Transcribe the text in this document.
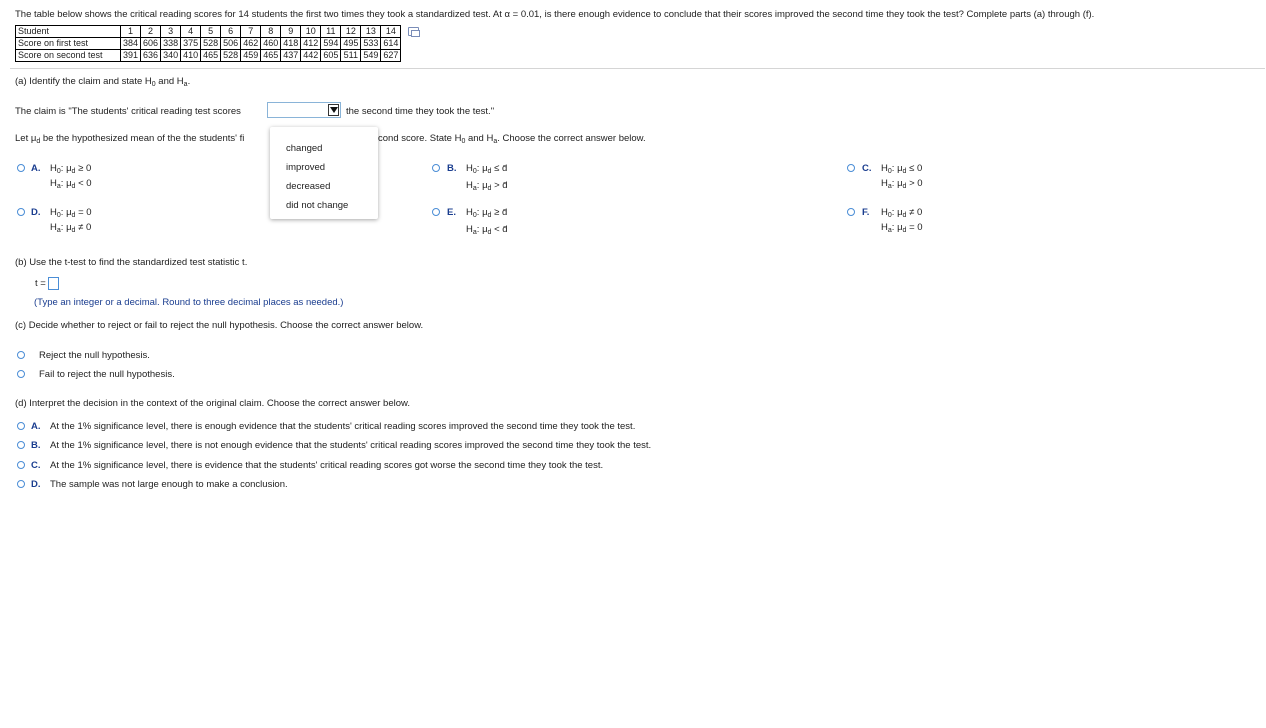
The table below shows the critical reading scores for 14 students the first two times they took a standardized test. At α = 0.01, is there enough evidence to conclude that their scores improved the second time they took the test? Complete parts (a) through (f).
Student	1	2	3	4	5	6	7	8	9	10	11	12	13	14
Score on first test	384	606	338	375	528	506	462	460	418	412	594	495	533	614
Score on second test	391	636	340	410	465	528	459	465	437	442	605	511	549	627
(a) Identify the claim and state $H_0$ and $H_a$.
The claim is "The students' critical reading test scores	the second time they took the test."
Let $\mu_d$ be the hypothesized mean of the the students' fi	cond score. State $H_0$ and $H_a$. Choose the correct answer below.
A. $H_0$: $\mu_d \ge 0$
$H_a$: $\mu_d < 0$
B. $H_0$: $\mu_d$ ≤ d̄
$H_a$: $\mu_d$ > d̄
C. $H_0$: $\mu_d \le 0$
$H_a$: $\mu_d > 0$
D. $H_0$: $\mu_d = 0$
$H_a$: $\mu_d \ne 0$
E. $H_0$: $\mu_d$ ≥ d̄
$H_a$: $\mu_d$ < d̄
F. $H_0$: $\mu_d \ne 0$
$H_a$: $\mu_d = 0$
changed
improved
decreased
did not change
(b) Use the t-test to find the standardized test statistic t.
t =
(Type an integer or a decimal. Round to three decimal places as needed.)
(c) Decide whether to reject or fail to reject the null hypothesis. Choose the correct answer below.
Reject the null hypothesis.
Fail to reject the null hypothesis.
(d) Interpret the decision in the context of the original claim. Choose the correct answer below.
A. At the 1% significance level, there is enough evidence that the students' critical reading scores improved the second time they took the test.
B. At the 1% significance level, there is not enough evidence that the students' critical reading scores improved the second time they took the test.
C. At the 1% significance level, there is evidence that the students' critical reading scores got worse the second time they took the test.
D. The sample was not large enough to make a conclusion.
